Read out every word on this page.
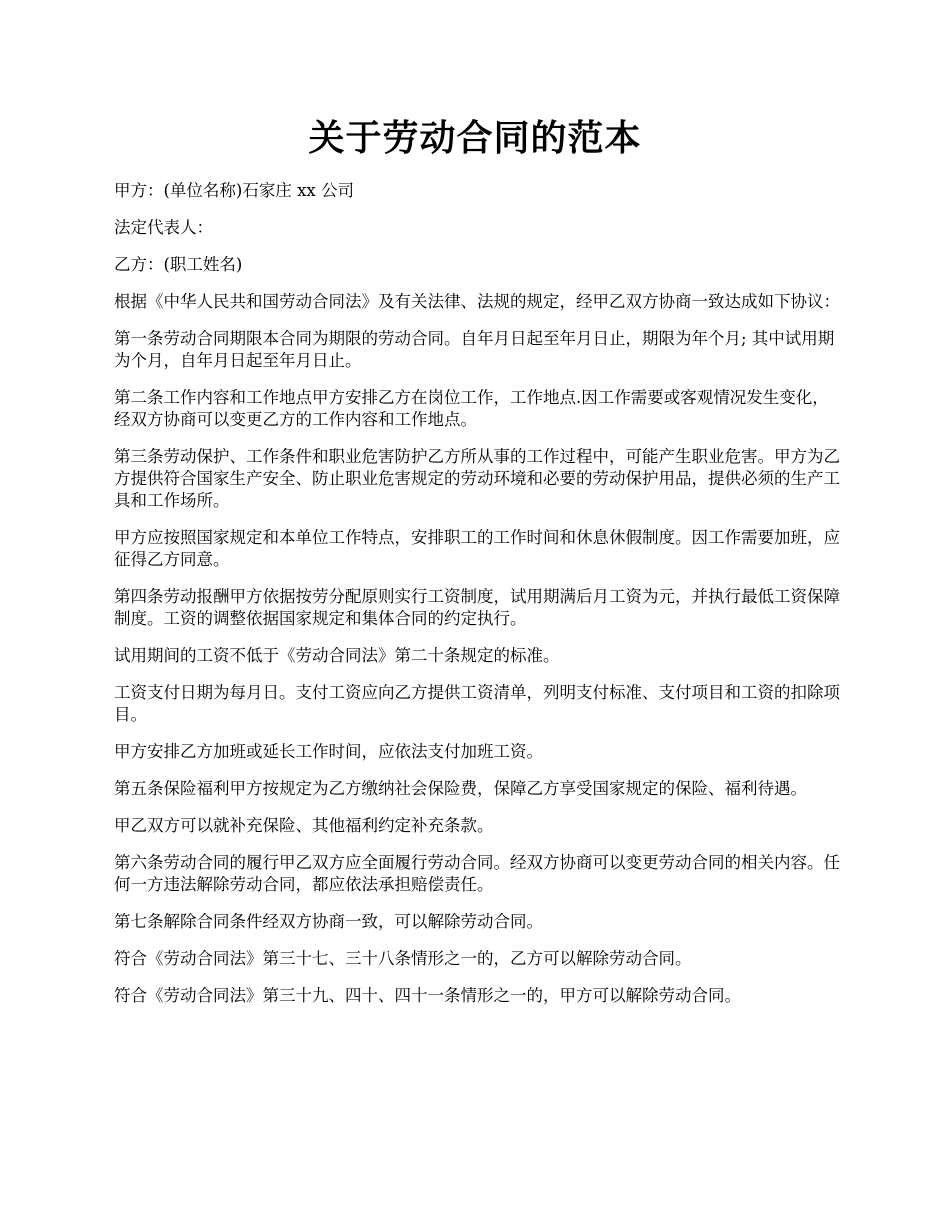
关于劳动合同的范本

甲方：(单位名称)石家庄 xx 公司

法定代表人：

乙方：(职工姓名)

根据《中华人民共和国劳动合同法》及有关法律、法规的规定，经甲乙双方协商一致达成如下协议：

第一条劳动合同期限本合同为期限的劳动合同。自年月日起至年月日止，期限为年个月; 其中试用期为个月，自年月日起至年月日止。

第二条工作内容和工作地点甲方安排乙方在岗位工作，工作地点.因工作需要或客观情况发生变化，经双方协商可以变更乙方的工作内容和工作地点。

第三条劳动保护、工作条件和职业危害防护乙方所从事的工作过程中，可能产生职业危害。甲方为乙方提供符合国家生产安全、防止职业危害规定的劳动环境和必要的劳动保护用品，提供必须的生产工具和工作场所。

甲方应按照国家规定和本单位工作特点，安排职工的工作时间和休息休假制度。因工作需要加班，应征得乙方同意。

第四条劳动报酬甲方依据按劳分配原则实行工资制度，试用期满后月工资为元，并执行最低工资保障制度。工资的调整依据国家规定和集体合同的约定执行。

试用期间的工资不低于《劳动合同法》第二十条规定的标准。

工资支付日期为每月日。支付工资应向乙方提供工资清单，列明支付标准、支付项目和工资的扣除项目。

甲方安排乙方加班或延长工作时间，应依法支付加班工资。

第五条保险福利甲方按规定为乙方缴纳社会保险费，保障乙方享受国家规定的保险、福利待遇。

甲乙双方可以就补充保险、其他福利约定补充条款。

第六条劳动合同的履行甲乙双方应全面履行劳动合同。经双方协商可以变更劳动合同的相关内容。任何一方违法解除劳动合同，都应依法承担赔偿责任。

第七条解除合同条件经双方协商一致，可以解除劳动合同。

符合《劳动合同法》第三十七、三十八条情形之一的，乙方可以解除劳动合同。

符合《劳动合同法》第三十九、四十、四十一条情形之一的，甲方可以解除劳动合同。
